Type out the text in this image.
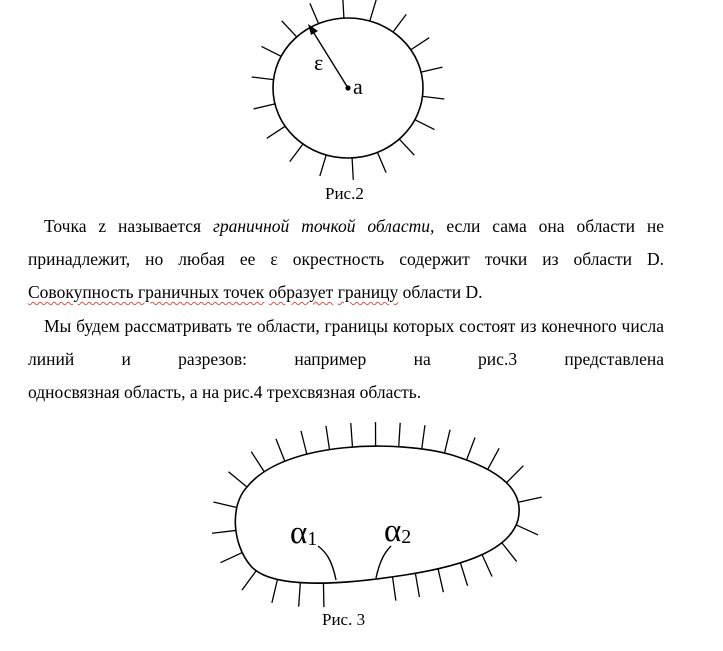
ε
a
α1 α2
Рис.2
Точка z называется граничной точкой области, если сама она области не принадлежит, но любая ее ε окрестность содержит точки из области D.
Совокупность граничных точек образует границу области D.
Мы будем рассматривать те области, границы которых состоят из конечного числа линий и разрезов: например на рис.3 представлена
односвязная область, а на рис.4 трехсвязная область.
Рис. 3
